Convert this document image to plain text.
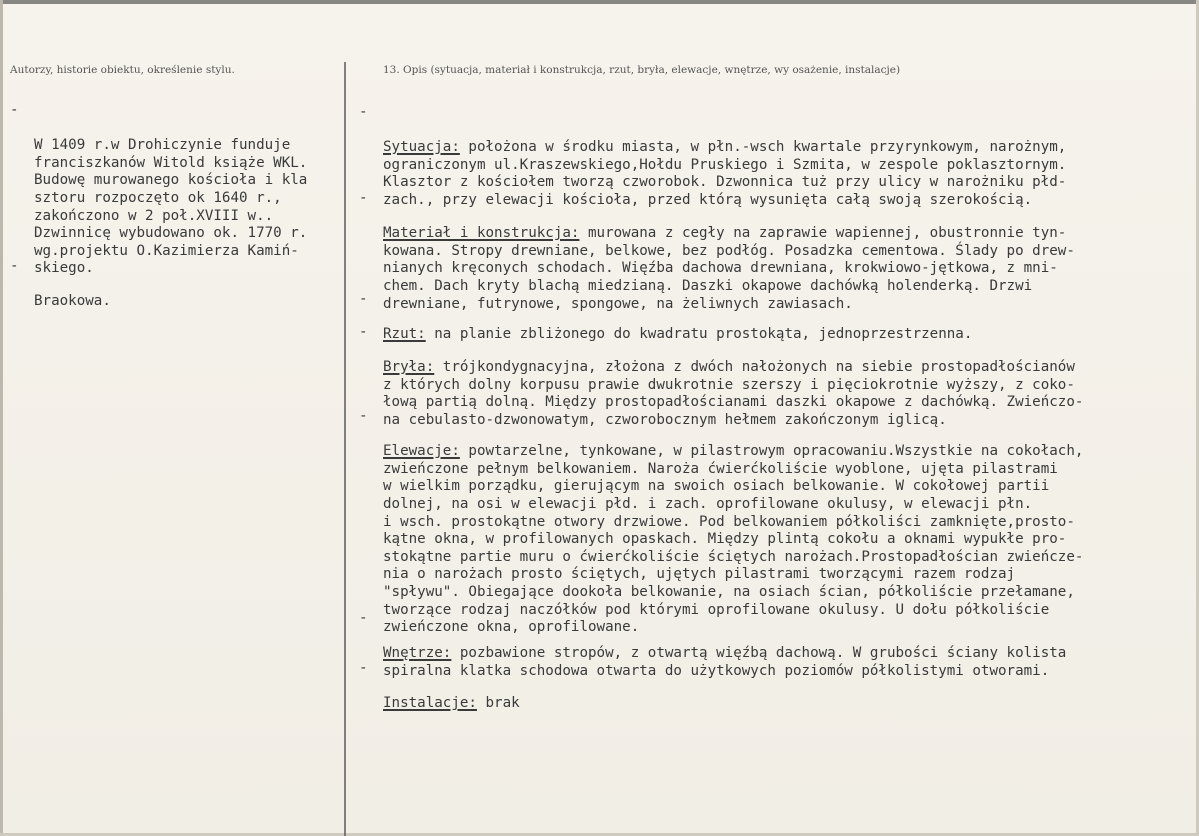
Autorzy, historie obiektu, określenie stylu.	13. Opis (sytuacja, materiał i konstrukcja, rzut, bryła, elewacje, wnętrze, wy osażenie, instalacje)

-
W 1409 r.w Drohiczynie funduje
franciszkanów Witold książe WKL.
Budowę murowanego kościoła i kla
sztoru rozpoczęto ok 1640 r.,
zakończono w 2 poł.XVIII w..
Dzwinnicę wybudowano ok. 1770 r.
wg.projektu O.Kazimierza Kamiń-
skiego.

-
Braokowa.

-
Sytuacja: położona w środku miasta, w płn.-wsch kwartale przyrynkowym, narożnym,
ograniczonym ul.Kraszewskiego,Hołdu Pruskiego i Szmita, w zespole poklasztornym.
Klasztor z kościołem tworzą czworobok. Dzwonnica tuż przy ulicy w narożniku płd-
zach., przy elewacji kościoła, przed którą wysunięta całą swoją szerokością.

-
Materiał i konstrukcja: murowana z cegły na zaprawie wapiennej, obustronnie tyn-
kowana. Stropy drewniane, belkowe, bez podłóg. Posadzka cementowa. Ślady po drew-
nianych kręconych schodach. Więźba dachowa drewniana, krokwiowo-jętkowa, z mni-
chem. Dach kryty blachą miedzianą. Daszki okapowe dachówką holenderką. Drzwi
drewniane, futrynowe, spongowe, na żeliwnych zawiasach.

-
Rzut: na planie zbliżonego do kwadratu prostokąta, jednoprzestrzenna.

-
Bryła: trójkondygnacyjna, złożona z dwóch nałożonych na siebie prostopadłościanów
z których dolny korpusu prawie dwukrotnie szerszy i pięciokrotnie wyższy, z coko-
łową partią dolną. Między prostopadłościanami daszki okapowe z dachówką. Zwieńczo-
na cebulasto-dzwonowatym, czworobocznym hełmem zakończonym iglicą.

-
Elewacje: powtarzelne, tynkowane, w pilastrowym opracowaniu.Wszystkie na cokołach,
zwieńczone pełnym belkowaniem. Naroża ćwierćkoliście wyoblone, ujęta pilastrami
w wielkim porządku, gierującym na swoich osiach belkowanie. W cokołowej partii
dolnej, na osi w elewacji płd. i zach. oprofilowane okulusy, w elewacji płn.
i wsch. prostokątne otwory drzwiowe. Pod belkowaniem półkoliści zamknięte,prosto-
kątne okna, w profilowanych opaskach. Między plintą cokołu a oknami wypukłe pro-
stokątne partie muru o ćwierćkoliście ściętych narożach.Prostopadłościan zwieńcze-
nia o narożach prosto ściętych, ujętych pilastrami tworzącymi razem rodzaj
"spływu". Obiegające dookoła belkowanie, na osiach ścian, półkoliście przełamane,
tworzące rodzaj naczółków pod którymi oprofilowane okulusy. U dołu półkoliście
zwieńczone okna, oprofilowane.

-
Wnętrze: pozbawione stropów, z otwartą więźbą dachową. W grubości ściany kolista
spiralna klatka schodowa otwarta do użytkowych poziomów półkolistymi otworami.

-
Instalacje: brak
